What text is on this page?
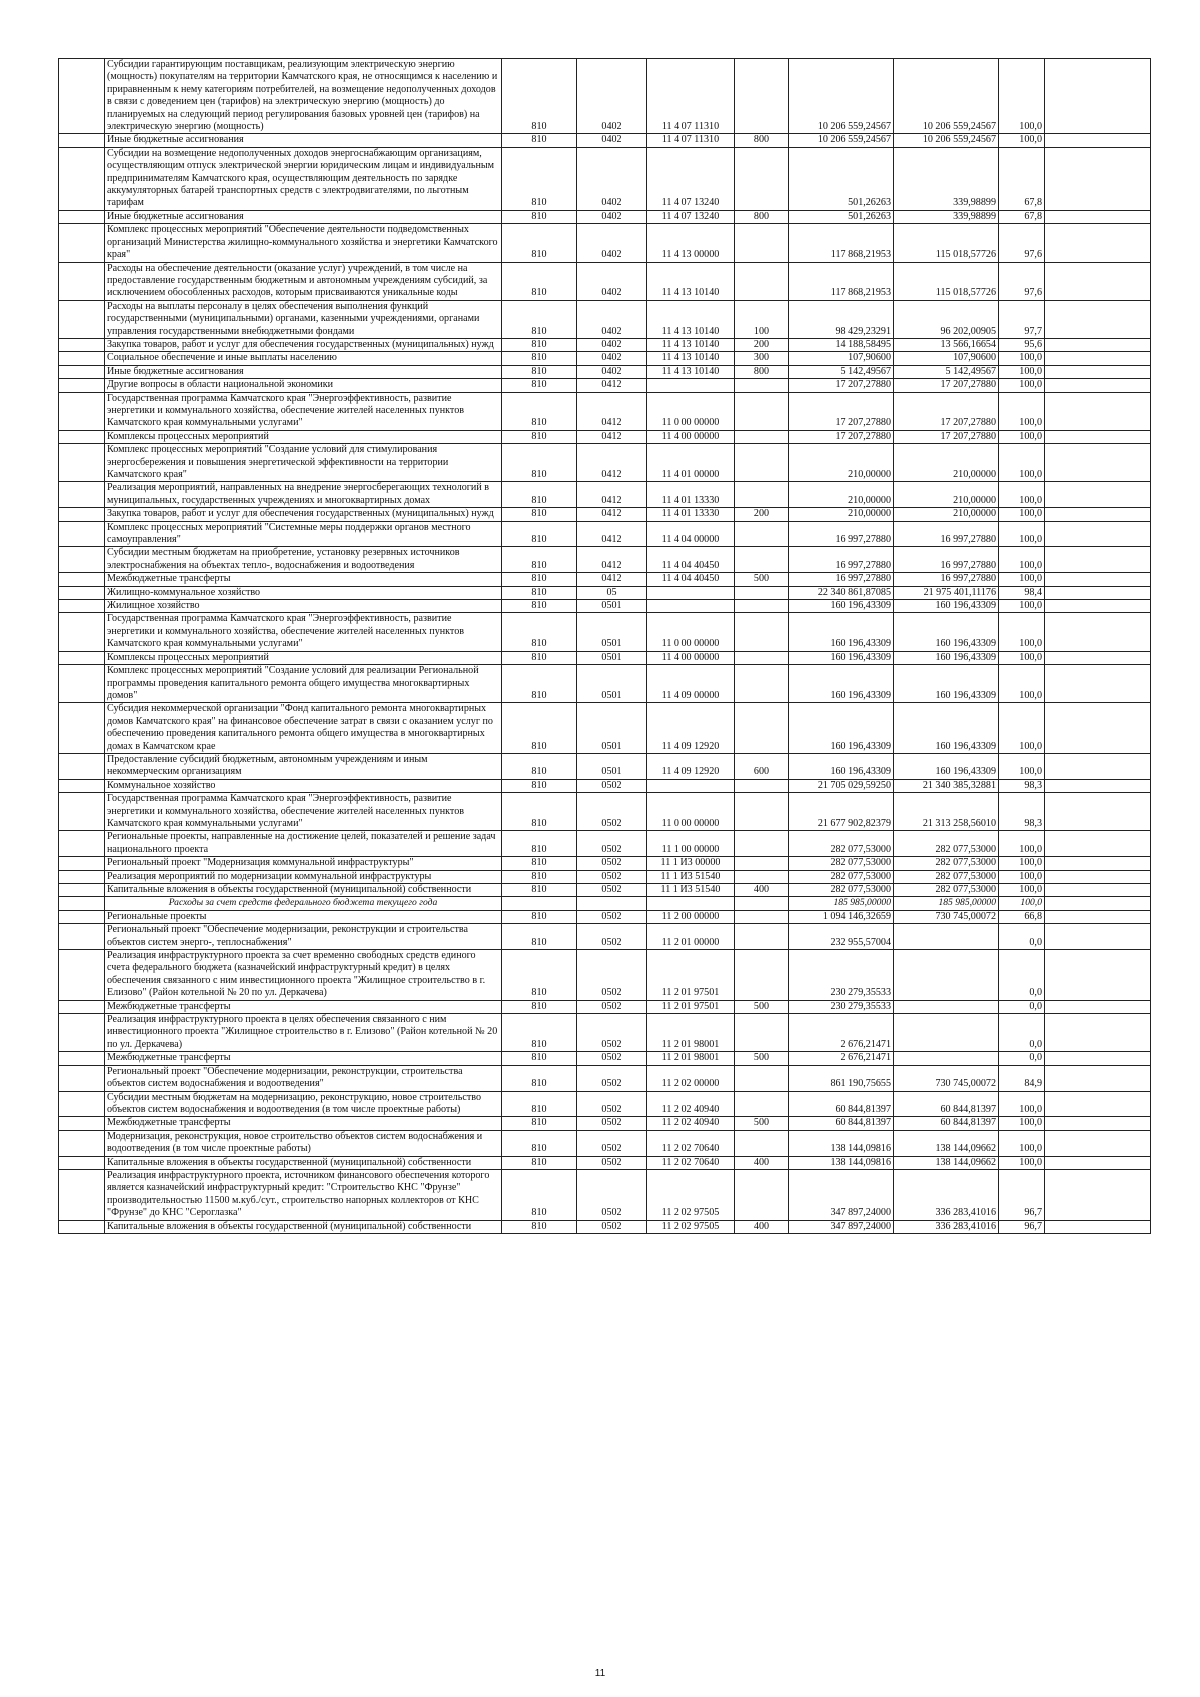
	Субсидии гарантирующим поставщикам, реализующим электрическую энергию (мощность) покупателям на территории Камчатского края, не относящимся к населению и приравненным к нему категориям потребителей, на возмещение недополученных доходов в связи с доведением цен (тарифов) на электрическую энергию (мощность) до планируемых на следующий период регулирования базовых уровней цен (тарифов) на электрическую энергию (мощность)	810	0402	11 4 07 11310		10 206 559,24567	10 206 559,24567	100,0	
	Иные бюджетные ассигнования	810	0402	11 4 07 11310	800	10 206 559,24567	10 206 559,24567	100,0	
	Субсидии на возмещение недополученных доходов энергоснабжающим организациям, осуществляющим отпуск электрической энергии юридическим лицам и индивидуальным предпринимателям Камчатского края, осуществляющим деятельность по зарядке аккумуляторных батарей транспортных средств с электродвигателями, по льготным тарифам	810	0402	11 4 07 13240		501,26263	339,98899	67,8	
	Иные бюджетные ассигнования	810	0402	11 4 07 13240	800	501,26263	339,98899	67,8	
	Комплекс процессных мероприятий "Обеспечение деятельности подведомственных организаций Министерства жилищно-коммунального хозяйства и энергетики Камчатского края"	810	0402	11 4 13 00000		117 868,21953	115 018,57726	97,6	
	Расходы на обеспечение деятельности (оказание услуг) учреждений, в том числе на предоставление государственным бюджетным и автономным учреждениям субсидий, за исключением обособленных расходов, которым присваиваются уникальные коды	810	0402	11 4 13 10140		117 868,21953	115 018,57726	97,6	
	Расходы на выплаты персоналу в целях обеспечения выполнения функций государственными (муниципальными) органами, казенными учреждениями, органами управления государственными внебюджетными фондами	810	0402	11 4 13 10140	100	98 429,23291	96 202,00905	97,7	
	Закупка товаров, работ и услуг для обеспечения государственных (муниципальных) нужд	810	0402	11 4 13 10140	200	14 188,58495	13 566,16654	95,6	
	Социальное обеспечение и иные выплаты населению	810	0402	11 4 13 10140	300	107,90600	107,90600	100,0	
	Иные бюджетные ассигнования	810	0402	11 4 13 10140	800	5 142,49567	5 142,49567	100,0	
	Другие вопросы в области национальной экономики	810	0412			17 207,27880	17 207,27880	100,0	
	Государственная программа Камчатского края "Энергоэффективность, развитие энергетики и коммунального хозяйства, обеспечение жителей населенных пунктов Камчатского края коммунальными услугами"	810	0412	11 0 00 00000		17 207,27880	17 207,27880	100,0	
	Комплексы процессных мероприятий	810	0412	11 4 00 00000		17 207,27880	17 207,27880	100,0	
	Комплекс процессных мероприятий "Создание условий для стимулирования энергосбережения и повышения энергетической эффективности на территории Камчатского края"	810	0412	11 4 01 00000		210,00000	210,00000	100,0	
	Реализация мероприятий, направленных на внедрение энергосберегающих технологий в муниципальных, государственных учреждениях и многоквартирных домах	810	0412	11 4 01 13330		210,00000	210,00000	100,0	
	Закупка товаров, работ и услуг для обеспечения государственных (муниципальных) нужд	810	0412	11 4 01 13330	200	210,00000	210,00000	100,0	
	Комплекс процессных мероприятий "Системные меры поддержки органов местного самоуправления"	810	0412	11 4 04 00000		16 997,27880	16 997,27880	100,0	
	Субсидии местным бюджетам на приобретение, установку резервных источников электроснабжения на объектах тепло-, водоснабжения и водоотведения	810	0412	11 4 04 40450		16 997,27880	16 997,27880	100,0	
	Межбюджетные трансферты	810	0412	11 4 04 40450	500	16 997,27880	16 997,27880	100,0	
	Жилищно-коммунальное хозяйство	810	05			22 340 861,87085	21 975 401,11176	98,4	
	Жилищное хозяйство	810	0501			160 196,43309	160 196,43309	100,0	
	Государственная программа Камчатского края "Энергоэффективность, развитие энергетики и коммунального хозяйства, обеспечение жителей населенных пунктов Камчатского края коммунальными услугами"	810	0501	11 0 00 00000		160 196,43309	160 196,43309	100,0	
	Комплексы процессных мероприятий	810	0501	11 4 00 00000		160 196,43309	160 196,43309	100,0	
	Комплекс процессных мероприятий "Создание условий для реализации Региональной программы проведения капитального ремонта общего имущества многоквартирных домов"	810	0501	11 4 09 00000		160 196,43309	160 196,43309	100,0	
	Субсидия некоммерческой организации "Фонд капитального ремонта многоквартирных домов Камчатского края" на финансовое обеспечение затрат в связи с оказанием услуг по обеспечению проведения капитального ремонта общего имущества в многоквартирных домах в Камчатском крае	810	0501	11 4 09 12920		160 196,43309	160 196,43309	100,0	
	Предоставление субсидий бюджетным, автономным учреждениям и иным некоммерческим организациям	810	0501	11 4 09 12920	600	160 196,43309	160 196,43309	100,0	
	Коммунальное хозяйство	810	0502			21 705 029,59250	21 340 385,32881	98,3	
	Государственная программа Камчатского края "Энергоэффективность, развитие энергетики и коммунального хозяйства, обеспечение жителей населенных пунктов Камчатского края коммунальными услугами"	810	0502	11 0 00 00000		21 677 902,82379	21 313 258,56010	98,3	
	Региональные проекты, направленные на достижение целей, показателей и решение задач национального проекта	810	0502	11 1 00 00000		282 077,53000	282 077,53000	100,0	
	Региональный проект "Модернизация коммунальной инфраструктуры"	810	0502	11 1 И3 00000		282 077,53000	282 077,53000	100,0	
	Реализация мероприятий по модернизации коммунальной инфраструктуры	810	0502	11 1 И3 51540		282 077,53000	282 077,53000	100,0	
	Капитальные вложения в объекты государственной (муниципальной) собственности	810	0502	11 1 И3 51540	400	282 077,53000	282 077,53000	100,0	
	Расходы за счет средств федерального бюджета текущего года					185 985,00000	185 985,00000	100,0	
	Региональные проекты	810	0502	11 2 00 00000		1 094 146,32659	730 745,00072	66,8	
	Региональный проект "Обеспечение модернизации, реконструкции и строительства объектов систем энерго-, теплоснабжения"	810	0502	11 2 01 00000		232 955,57004		0,0	
	Реализация инфраструктурного проекта за счет временно свободных средств единого счета федерального бюджета (казначейский инфраструктурный кредит) в целях обеспечения связанного с ним инвестиционного проекта "Жилищное строительство в г. Елизово" (Район котельной № 20 по ул. Деркачева)	810	0502	11 2 01 97501		230 279,35533		0,0	
	Межбюджетные трансферты	810	0502	11 2 01 97501	500	230 279,35533		0,0	
	Реализация инфраструктурного проекта в целях обеспечения связанного с ним инвестиционного проекта "Жилищное строительство в г. Елизово" (Район котельной № 20 по ул. Деркачева)	810	0502	11 2 01 98001		2 676,21471		0,0	
	Межбюджетные трансферты	810	0502	11 2 01 98001	500	2 676,21471		0,0	
	Региональный проект "Обеспечение модернизации, реконструкции, строительства объектов систем водоснабжения и водоотведения"	810	0502	11 2 02 00000		861 190,75655	730 745,00072	84,9	
	Субсидии местным бюджетам на модернизацию, реконструкцию, новое строительство объектов систем водоснабжения и водоотведения (в том числе проектные работы)	810	0502	11 2 02 40940		60 844,81397	60 844,81397	100,0	
	Межбюджетные трансферты	810	0502	11 2 02 40940	500	60 844,81397	60 844,81397	100,0	
	Модернизация, реконструкция, новое строительство объектов систем водоснабжения и водоотведения (в том числе проектные работы)	810	0502	11 2 02 70640		138 144,09816	138 144,09662	100,0	
	Капитальные вложения в объекты государственной (муниципальной) собственности	810	0502	11 2 02 70640	400	138 144,09816	138 144,09662	100,0	
	Реализация инфраструктурного проекта, источником финансового обеспечения которого является казначейский инфраструктурный кредит: "Строительство КНС "Фрунзе" производительностью 11500 м.куб./сут., строительство напорных коллекторов от КНС "Фрунзе" до КНС "Сероглазка"	810	0502	11 2 02 97505		347 897,24000	336 283,41016	96,7	
	Капитальные вложения в объекты государственной (муниципальной) собственности	810	0502	11 2 02 97505	400	347 897,24000	336 283,41016	96,7	
11
